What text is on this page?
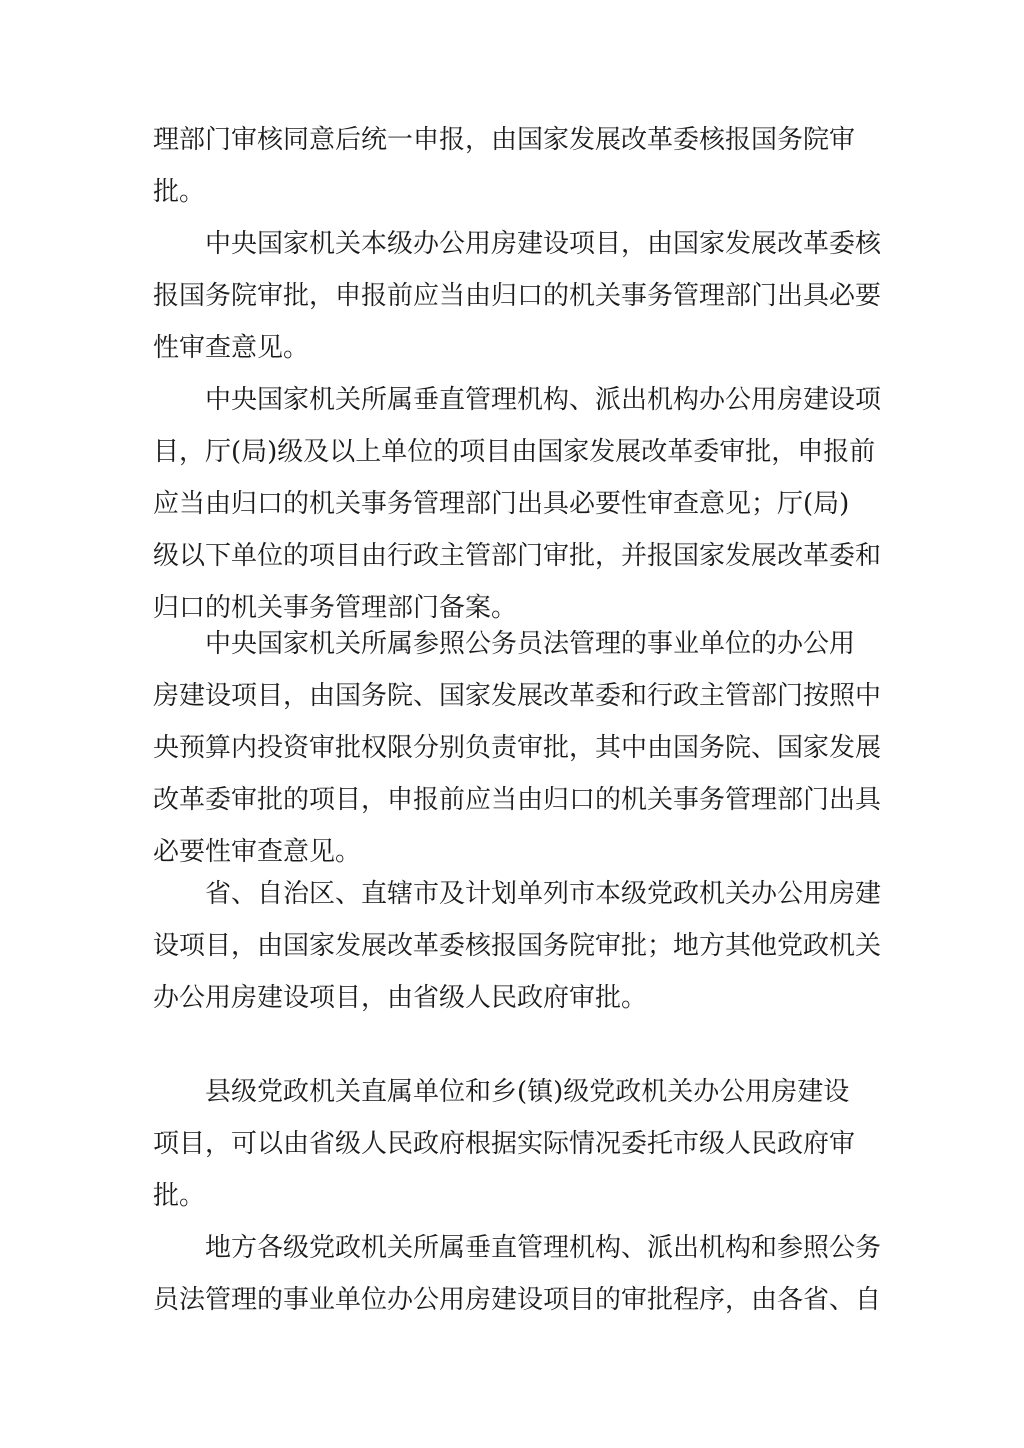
理部门审核同意后统一申报，由国家发展改革委核报国务院审
批。
中央国家机关本级办公用房建设项目，由国家发展改革委核
报国务院审批，申报前应当由归口的机关事务管理部门出具必要
性审查意见。
中央国家机关所属垂直管理机构、派出机构办公用房建设项
目，厅(局)级及以上单位的项目由国家发展改革委审批，申报前
应当由归口的机关事务管理部门出具必要性审查意见；厅(局)
级以下单位的项目由行政主管部门审批，并报国家发展改革委和
归口的机关事务管理部门备案。
中央国家机关所属参照公务员法管理的事业单位的办公用
房建设项目，由国务院、国家发展改革委和行政主管部门按照中
央预算内投资审批权限分别负责审批，其中由国务院、国家发展
改革委审批的项目，申报前应当由归口的机关事务管理部门出具
必要性审查意见。
省、自治区、直辖市及计划单列市本级党政机关办公用房建
设项目，由国家发展改革委核报国务院审批；地方其他党政机关
办公用房建设项目，由省级人民政府审批。
县级党政机关直属单位和乡(镇)级党政机关办公用房建设
项目，可以由省级人民政府根据实际情况委托市级人民政府审
批。
地方各级党政机关所属垂直管理机构、派出机构和参照公务
员法管理的事业单位办公用房建设项目的审批程序，由各省、自
